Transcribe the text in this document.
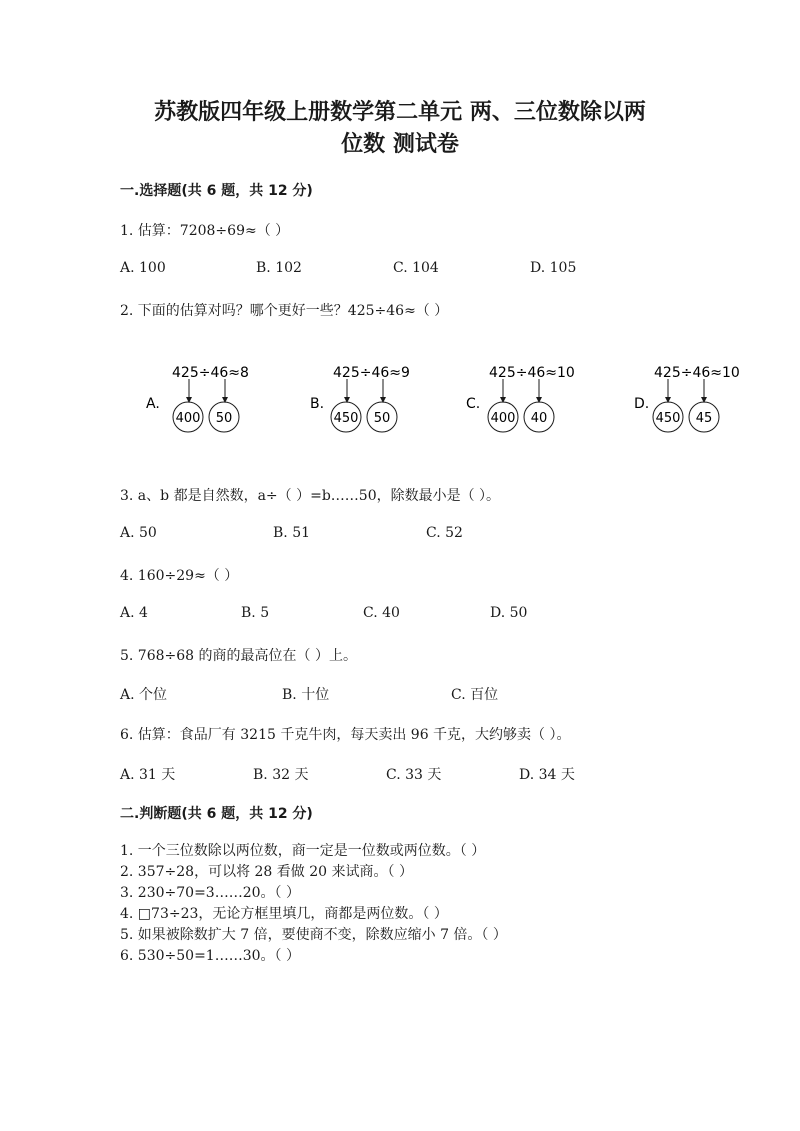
苏教版四年级上册数学第二单元 两、三位数除以两
位数 测试卷
一.选择题(共 6 题，共 12 分)
1. 估算：7208÷69≈（ ）
A. 100	B. 102	C. 104	D. 105
2. 下面的估算对吗？哪个更好一些？425÷46≈（ ）
A.
425÷46≈8
400 50
B.
425÷46≈9
450 50
C.
425÷46≈10
400 40
D.
425÷46≈10
450 45
3. a、b 都是自然数，a÷（ ）=b……50，除数最小是（ ）。
A. 50	B. 51	C. 52
4. 160÷29≈（ ）
A. 4	B. 5	C. 40	D. 50
5. 768÷68 的商的最高位在（ ）上。
A. 个位	B. 十位	C. 百位
6. 估算：食品厂有 3215 千克牛肉，每天卖出 96 千克，大约够卖（ ）。
A. 31 天	B. 32 天	C. 33 天	D. 34 天
二.判断题(共 6 题，共 12 分)
1. 一个三位数除以两位数，商一定是一位数或两位数。（ ）
2. 357÷28，可以将 28 看做 20 来试商。（ ）
3. 230÷70=3……20。（ ）
4. □73÷23，无论方框里填几，商都是两位数。（ ）
5. 如果被除数扩大 7 倍，要使商不变，除数应缩小 7 倍。（ ）
6. 530÷50=1……30。（ ）
